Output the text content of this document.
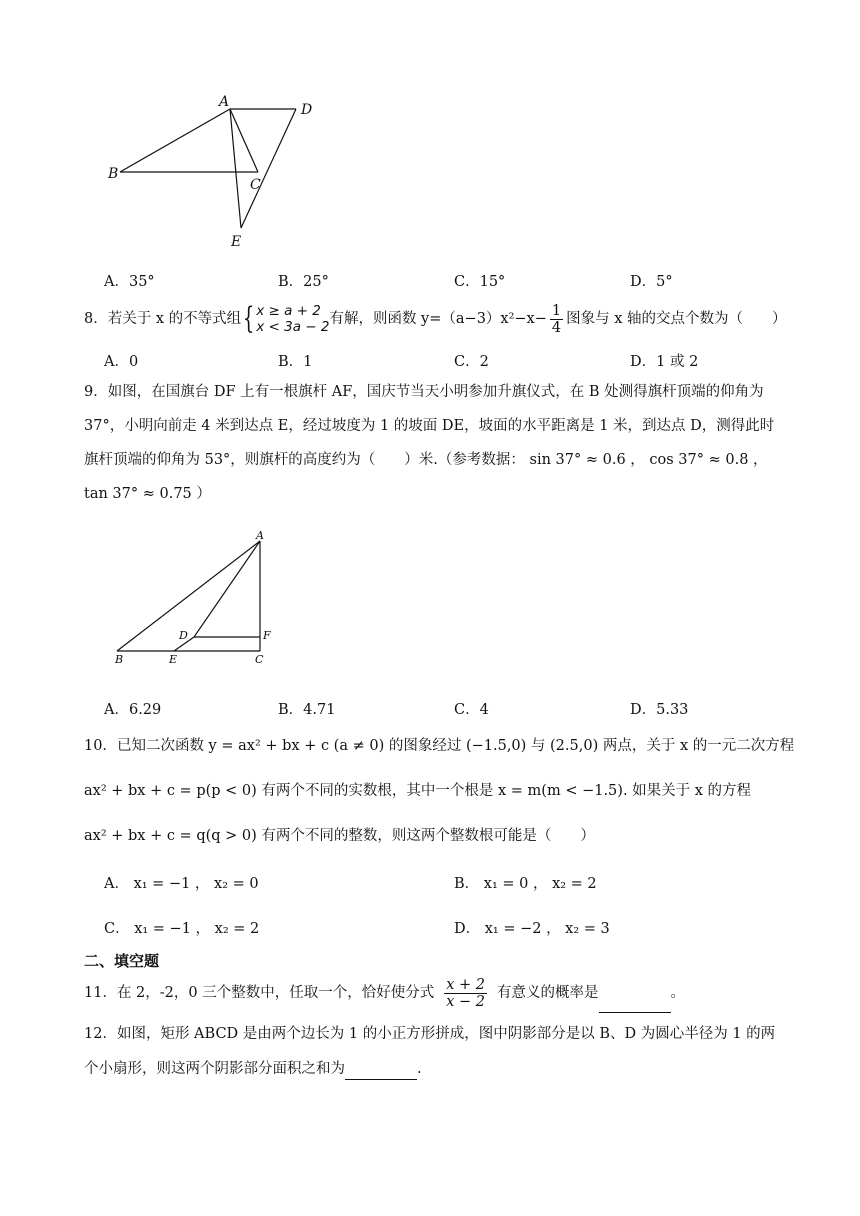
A	D
B
C
E
A．35°	B．25°	C．15°	D．5°
8．若关于 x 的不等式组{ x ≥ a + 2
x < 3a − 2 有解，则函数 $y=(a-3)x^2-x- \frac{1}{4}$ 图象与 x 轴的交点个数为（　　）
A．0	B．1	C．2	D．1 或 2
9．如图，在国旗台 DF 上有一根旗杆 AF，国庆节当天小明参加升旗仪式，在 B 处测得旗杆顶端的仰角为
37°，小明向前走 4 米到达点 E，经过坡度为 1 的坡面 DE，坡面的水平距离是 1 米，到达点 D，测得此时
旗杆顶端的仰角为 53°，则旗杆的高度约为（　　）米.（参考数据： sin 37° ≈ 0.6 ， cos 37° ≈ 0.8 ，
tan 37° ≈ 0.75 ）
A
D	F
B	E	C
A．6.29	B．4.71	C．4	D．5.33
10．已知二次函数 y = ax² + bx + c (a ≠ 0) 的图象经过 (−1.5,0) 与 (2.5,0) 两点，关于 x 的一元二次方程
ax² + bx + c = p(p < 0) 有两个不同的实数根，其中一个根是 x = m(m < −1.5). 如果关于 x 的方程
ax² + bx + c = q(q > 0) 有两个不同的整数，则这两个整数根可能是（　　）
A． x₁ = −1 ， x₂ = 0	B． x₁ = 0 ， x₂ = 2
C． x₁ = −1 ， x₂ = 2	D． x₁ = −2 ， x₂ = 3
二、填空题
11．在 2，-2，0 三个整数中，任取一个，恰好使分式 $\frac{x + 2}{x - 2}$ 有意义的概率是	。
12．如图，矩形 ABCD 是由两个边长为 1 的小正方形拼成，图中阴影部分是以 B、D 为圆心半径为 1 的两
个小扇形，则这两个阴影部分面积之和为	.
